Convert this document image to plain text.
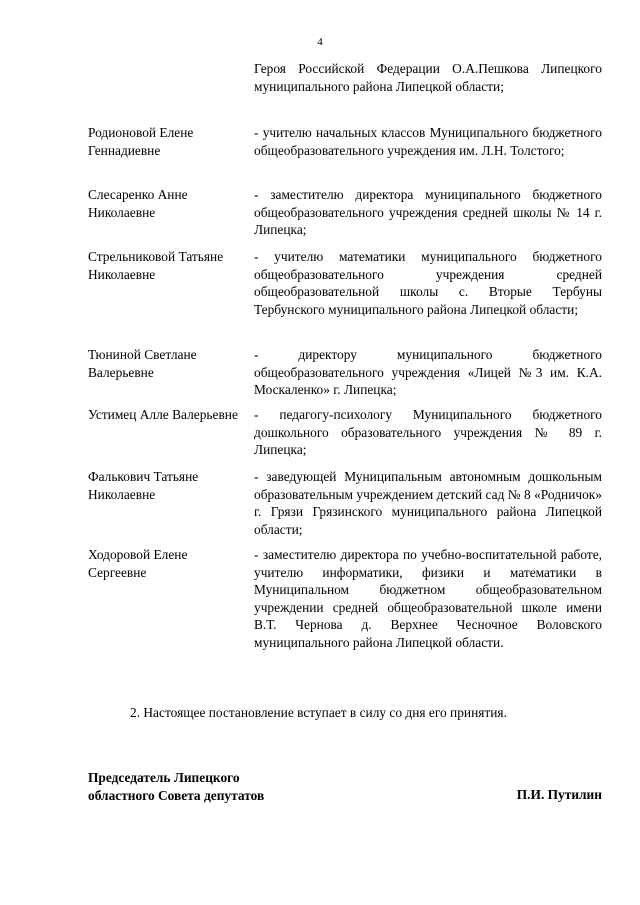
4
Героя Российской Федерации О.А.Пешкова Липецкого муниципального района Липецкой области;
Родионовой Елене Геннадиевне
- учителю начальных классов Муниципального бюджетного общеобразовательного учреждения им. Л.Н. Толстого;
Слесаренко Анне Николаевне
- заместителю директора муниципального бюджетного общеобразовательного учреждения средней школы № 14 г. Липецка;
Стрельниковой Татьяне Николаевне
- учителю математики муниципального бюджетного общеобразовательного учреждения средней общеобразовательной школы с. Вторые Тербуны Тербунского муниципального района Липецкой области;
Тюниной Светлане Валерьевне
- директору муниципального бюджетного общеобразовательного учреждения «Лицей №3 им. К.А. Москаленко» г. Липецка;
Устимец Алле Валерьевне	- педагогу-психологу Муниципального бюджетного дошкольного образовательного учреждения № 89 г. Липецка;
Фалькович Татьяне Николаевне
- заведующей Муниципальным автономным дошкольным образовательным учреждением детский сад № 8 «Родничок» г. Грязи Грязинского муниципального района Липецкой области;
Ходоровой Елене Сергеевне
- заместителю директора по учебно-воспитательной работе, учителю информатики, физики и математики в Муниципальном бюджетном общеобразовательном учреждении средней общеобразовательной школе имени В.Т. Чернова д. Верхнее Чесночное Воловского муниципального района Липецкой области.
2. Настоящее постановление вступает в силу со дня его принятия.
Председатель Липецкого
областного Совета депутатов	П.И. Путилин
